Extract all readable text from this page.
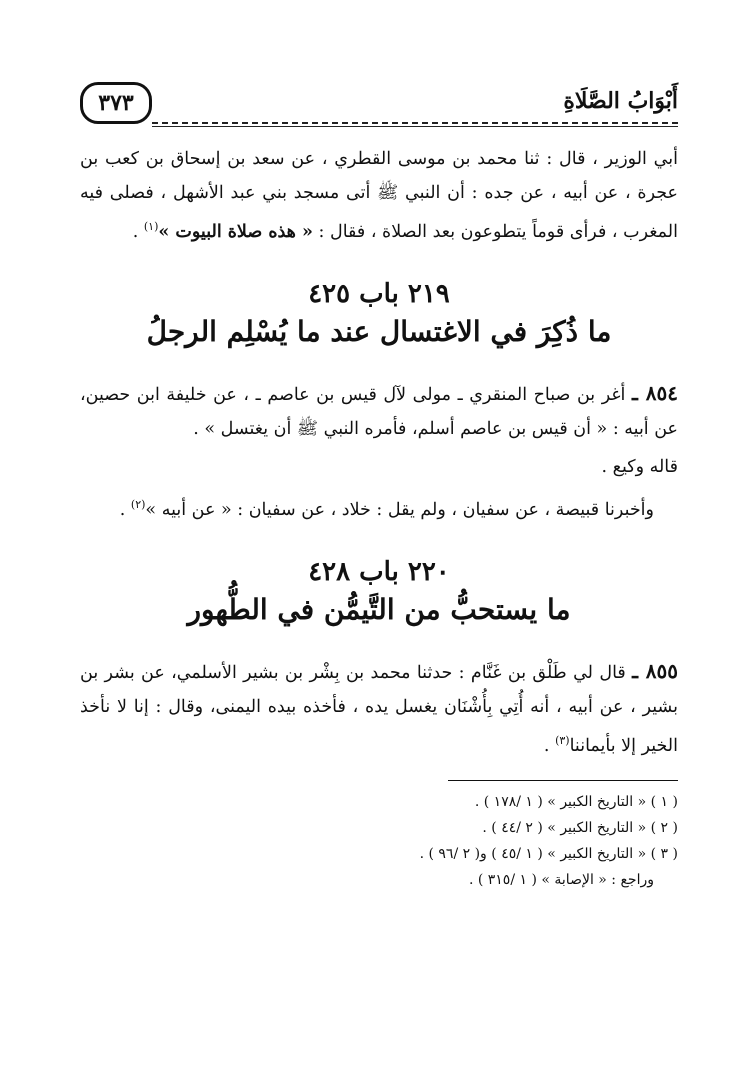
أَبْوَابُ الصَّلَاةِ
٣٧٣

أبي الوزير ، قال : ثنا محمد بن موسى القطري ، عن سعد بن إسحاق بن كعب بن عجرة ، عن أبيه ، عن جده : أن النبي ﷺ أتى مسجد بني عبد الأشهل ، فصلى فيه المغرب ، فرأى قوماً يتطوعون بعد الصلاة ، فقال : « هذه صلاة البيوت »$^{(١)}$ .

٢١٩ باب ٤٢٥
ما ذُكِرَ في الاغتسال عند ما يُسْلِم الرجلُ

٨٥٤ ـ أغر بن صباح المنقري ـ مولى لآل قيس بن عاصم ـ ، عن خليفة ابن حصين، عن أبيه : « أن قيس بن عاصم أسلم، فأمره النبي ﷺ أن يغتسل » .

قاله وكيع .

وأخبرنا قبيصة ، عن سفيان ، ولم يقل : خلاد ، عن سفيان : « عن أبيه »$^{(٢)}$ .

٢٢٠ باب ٤٢٨
ما يستحبُّ من التَّيمُّن في الطُّهور

٨٥٥ ـ قال لي طَلْق بن غَنَّام : حدثنا محمد بن بِشْر بن بشير الأسلمي، عن بشر بن بشير ، عن أبيه ، أنه أُتِي بِأُشْنَان يغسل يده ، فأخذه بيده اليمنى، وقال : إنا لا نأخذ الخير إلا بأيماننا$^{(٣)}$ .

( ١ ) « التاريخ الكبير » ( ١ /١٧٨ ) .

( ٢ ) « التاريخ الكبير » ( ٢ /٤٤ ) .

( ٣ ) « التاريخ الكبير » ( ١ /٤٥ ) و( ٢ /٩٦ ) .

وراجع : « الإصابة » ( ١ /٣١٥ ) .
